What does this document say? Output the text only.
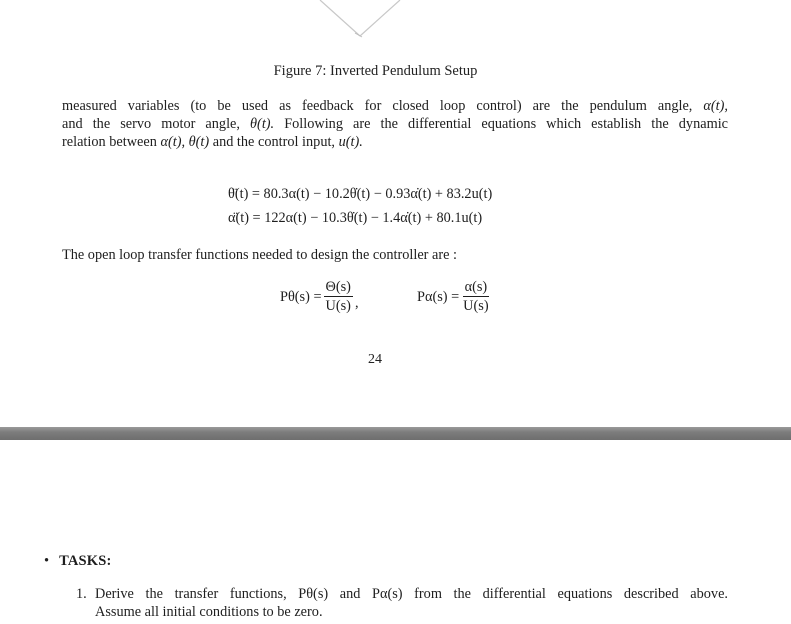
Figure 7: Inverted Pendulum Setup
measured variables (to be used as feedback for closed loop control) are the pendulum angle, α(t),
and the servo motor angle, θ(t). Following are the differential equations which establish the dynamic
relation between α(t), θ(t) and the control input, u(t).
θ̈(t) = 80.3α(t) − 10.2θ̇(t) − 0.93α̇(t) + 83.2u(t)
α̈(t) = 122α(t) − 10.3θ̇(t) − 1.4α̇(t) + 80.1u(t)
The open loop transfer functions needed to design the controller are :
$P\theta(s) = \frac{\Theta(s)}{U(s)}$ ,	$P\alpha(s) = \frac{\alpha(s)}{U(s)}$
24
• TASKS:
1. Derive the transfer functions, Pθ(s) and Pα(s) from the differential equations described above.
Assume all initial conditions to be zero.
